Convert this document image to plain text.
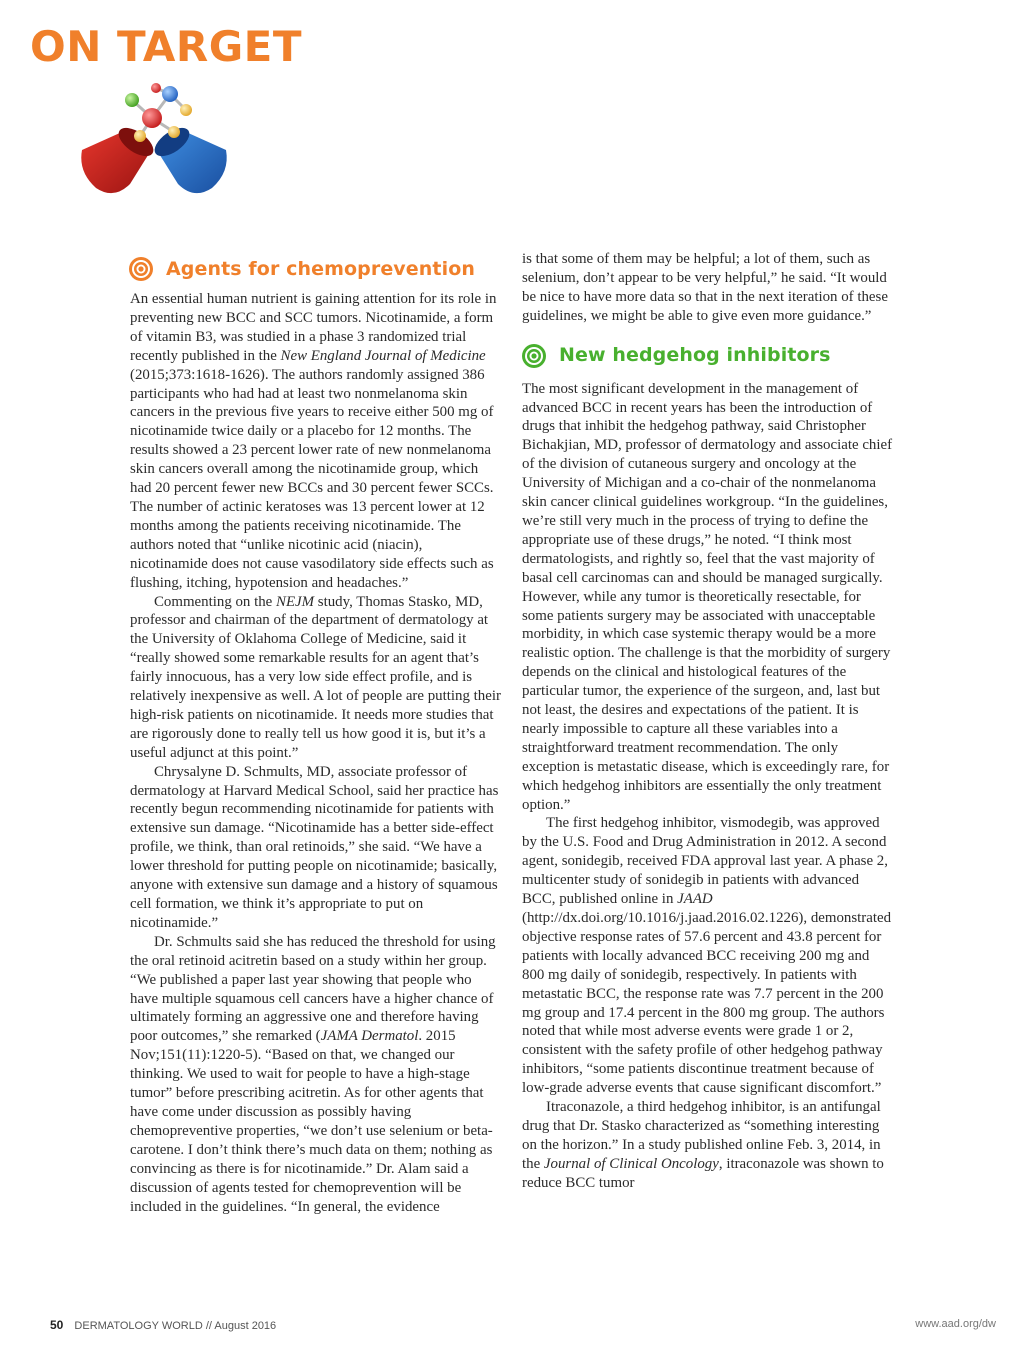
ON TARGET
Agents for chemoprevention

An essential human nutrient is gaining attention for its role in preventing new BCC and SCC tumors. Nicotinamide, a form of vitamin B3, was studied in a phase 3 randomized trial recently published in the New England Journal of Medicine (2015;373:1618-1626). The authors randomly assigned 386 participants who had had at least two nonmelanoma skin cancers in the previous five years to receive either 500 mg of nicotinamide twice daily or a placebo for 12 months. The results showed a 23 percent lower rate of new nonmelanoma skin cancers overall among the nicotinamide group, which had 20 percent fewer new BCCs and 30 percent fewer SCCs. The number of actinic keratoses was 13 percent lower at 12 months among the patients receiving nicotinamide. The authors noted that “unlike nicotinic acid (niacin), nicotinamide does not cause vasodilatory side effects such as flushing, itching, hypotension and headaches.”

Commenting on the NEJM study, Thomas Stasko, MD, professor and chairman of the department of dermatology at the University of Oklahoma College of Medicine, said it “really showed some remarkable results for an agent that’s fairly innocuous, has a very low side effect profile, and is relatively inexpensive as well. A lot of people are putting their high-risk patients on nicotinamide. It needs more studies that are rigorously done to really tell us how good it is, but it’s a useful adjunct at this point.”

Chrysalyne D. Schmults, MD, associate professor of dermatology at Harvard Medical School, said her practice has recently begun recommending nicotinamide for patients with extensive sun damage. “Nicotinamide has a better side-effect profile, we think, than oral retinoids,” she said. “We have a lower threshold for putting people on nicotinamide; basically, anyone with extensive sun damage and a history of squamous cell formation, we think it’s appropriate to put on nicotinamide.”

Dr. Schmults said she has reduced the threshold for using the oral retinoid acitretin based on a study within her group. “We published a paper last year showing that people who have multiple squamous cell cancers have a higher chance of ultimately forming an aggressive one and therefore having poor outcomes,” she remarked (JAMA Dermatol. 2015 Nov;151(11):1220-5). “Based on that, we changed our thinking. We used to wait for people to have a high-stage tumor” before prescribing acitretin. As for other agents that have come under discussion as possibly having chemopreventive properties, “we don’t use selenium or beta-carotene. I don’t think there’s much data on them; nothing as convincing as there is for nicotinamide.” Dr. Alam said a discussion of agents tested for chemoprevention will be included in the guidelines. “In general, the evidence

is that some of them may be helpful; a lot of them, such as selenium, don’t appear to be very helpful,” he said. “It would be nice to have more data so that in the next iteration of these guidelines, we might be able to give even more guidance.”

New hedgehog inhibitors

The most significant development in the management of advanced BCC in recent years has been the introduction of drugs that inhibit the hedgehog pathway, said Christopher Bichakjian, MD, professor of dermatology and associate chief of the division of cutaneous surgery and oncology at the University of Michigan and a co-chair of the nonmelanoma skin cancer clinical guidelines workgroup. “In the guidelines, we’re still very much in the process of trying to define the appropriate use of these drugs,” he noted. “I think most dermatologists, and rightly so, feel that the vast majority of basal cell carcinomas can and should be managed surgically. However, while any tumor is theoretically resectable, for some patients surgery may be associated with unacceptable morbidity, in which case systemic therapy would be a more realistic option. The challenge is that the morbidity of surgery depends on the clinical and histological features of the particular tumor, the experience of the surgeon, and, last but not least, the desires and expectations of the patient. It is nearly impossible to capture all these variables into a straightforward treatment recommendation. The only exception is metastatic disease, which is exceedingly rare, for which hedgehog inhibitors are essentially the only treatment option.”

The first hedgehog inhibitor, vismodegib, was approved by the U.S. Food and Drug Administration in 2012. A second agent, sonidegib, received FDA approval last year. A phase 2, multicenter study of sonidegib in patients with advanced BCC, published online in JAAD (http://dx.doi.org/10.1016/j.jaad.2016.02.1226), demonstrated objective response rates of 57.6 percent and 43.8 percent for patients with locally advanced BCC receiving 200 mg and 800 mg daily of sonidegib, respectively. In patients with metastatic BCC, the response rate was 7.7 percent in the 200 mg group and 17.4 percent in the 800 mg group. The authors noted that while most adverse events were grade 1 or 2, consistent with the safety profile of other hedgehog pathway inhibitors, “some patients discontinue treatment because of low-grade adverse events that cause significant discomfort.”

Itraconazole, a third hedgehog inhibitor, is an antifungal drug that Dr. Stasko characterized as “something interesting on the horizon.” In a study published online Feb. 3, 2014, in the Journal of Clinical Oncology, itraconazole was shown to reduce BCC tumor

50 DERMATOLOGY WORLD // August 2016	www.aad.org/dw
